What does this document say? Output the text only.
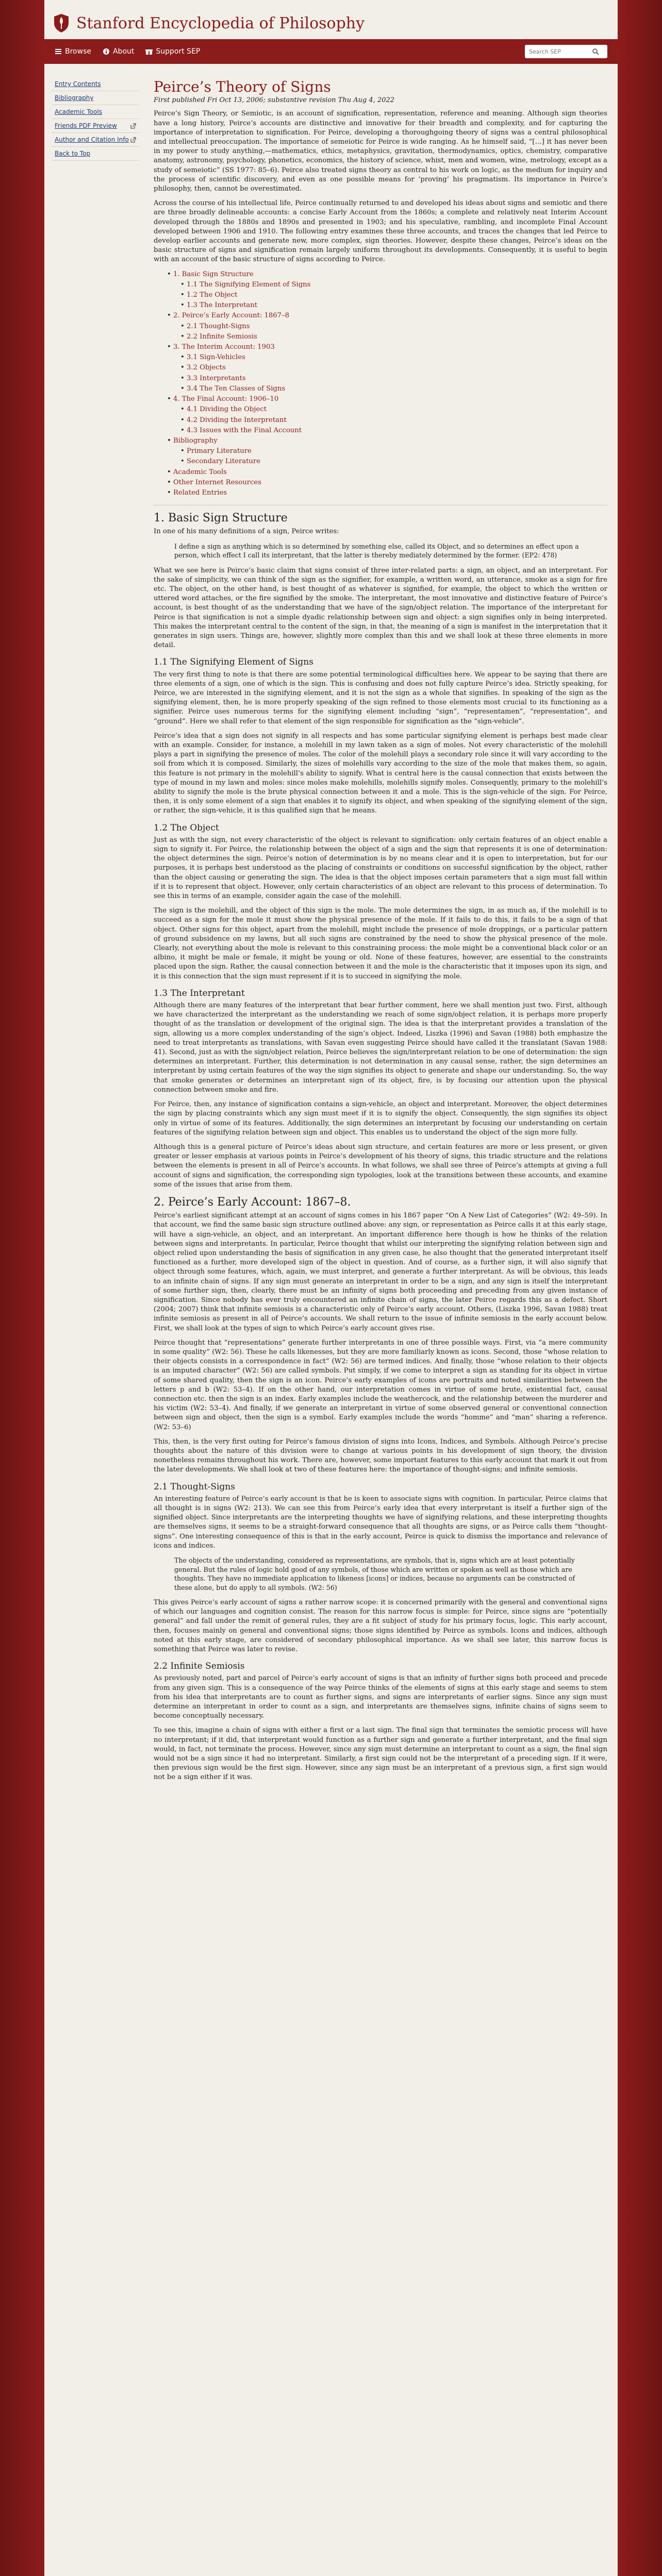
Stanford Encyclopedia of Philosophy
Browse	About	Support SEP
Search SEP
Entry Contents
Bibliography
Academic Tools
Friends PDF Preview
Author and Citation Info
Back to Top
Peirce’s Theory of Signs
First published Fri Oct 13, 2006; substantive revision Thu Aug 4, 2022

Peirce’s Sign Theory, or Semiotic, is an account of signification, representation, reference and meaning. Although sign theories have a long history, Peirce’s accounts are distinctive and innovative for their breadth and complexity, and for capturing the importance of interpretation to signification. For Peirce, developing a thoroughgoing theory of signs was a central philosophical and intellectual preoccupation. The importance of semeiotic for Peirce is wide ranging. As he himself said, “[…] it has never been in my power to study anything,—mathematics, ethics, metaphysics, gravitation, thermodynamics, optics, chemistry, comparative anatomy, astronomy, psychology, phonetics, economics, the history of science, whist, men and women, wine, metrology, except as a study of semeiotic” (SS 1977: 85–6). Peirce also treated signs theory as central to his work on logic, as the medium for inquiry and the process of scientific discovery, and even as one possible means for ‘proving’ his pragmatism. Its importance in Peirce’s philosophy, then, cannot be overestimated.

Across the course of his intellectual life, Peirce continually returned to and developed his ideas about signs and semiotic and there are three broadly delineable accounts: a concise Early Account from the 1860s; a complete and relatively neat Interim Account developed through the 1880s and 1890s and presented in 1903; and his speculative, rambling, and incomplete Final Account developed between 1906 and 1910. The following entry examines these three accounts, and traces the changes that led Peirce to develop earlier accounts and generate new, more complex, sign theories. However, despite these changes, Peirce’s ideas on the basic structure of signs and signification remain largely uniform throughout its developments. Consequently, it is useful to begin with an account of the basic structure of signs according to Peirce.

• 1. Basic Sign Structure
• 1.1 The Signifying Element of Signs
• 1.2 The Object
• 1.3 The Interpretant
• 2. Peirce’s Early Account: 1867–8
• 2.1 Thought-Signs
• 2.2 Infinite Semiosis
• 3. The Interim Account: 1903
• 3.1 Sign-Vehicles
• 3.2 Objects
• 3.3 Interpretants
• 3.4 The Ten Classes of Signs
• 4. The Final Account: 1906–10
• 4.1 Dividing the Object
• 4.2 Dividing the Interpretant
• 4.3 Issues with the Final Account
• Bibliography
• Primary Literature
• Secondary Literature
• Academic Tools
• Other Internet Resources
• Related Entries
1. Basic Sign Structure

In one of his many definitions of a sign, Peirce writes:

I define a sign as anything which is so determined by something else, called its Object, and so determines an effect upon a person, which effect I call its interpretant, that the latter is thereby mediately determined by the former. (EP2: 478)

What we see here is Peirce’s basic claim that signs consist of three inter-related parts: a sign, an object, and an interpretant. For the sake of simplicity, we can think of the sign as the signifier, for example, a written word, an utterance, smoke as a sign for fire etc. The object, on the other hand, is best thought of as whatever is signified, for example, the object to which the written or uttered word attaches, or the fire signified by the smoke. The interpretant, the most innovative and distinctive feature of Peirce’s account, is best thought of as the understanding that we have of the sign/object relation. The importance of the interpretant for Peirce is that signification is not a simple dyadic relationship between sign and object: a sign signifies only in being interpreted. This makes the interpretant central to the content of the sign, in that, the meaning of a sign is manifest in the interpretation that it generates in sign users. Things are, however, slightly more complex than this and we shall look at these three elements in more detail.

1.1 The Signifying Element of Signs

The very first thing to note is that there are some potential terminological difficulties here. We appear to be saying that there are three elements of a sign, one of which is the sign. This is confusing and does not fully capture Peirce’s idea. Strictly speaking, for Peirce, we are interested in the signifying element, and it is not the sign as a whole that signifies. In speaking of the sign as the signifying element, then, he is more properly speaking of the sign refined to those elements most crucial to its functioning as a signifier. Peirce uses numerous terms for the signifying element including “sign”, “representamen”, “representation”, and “ground”. Here we shall refer to that element of the sign responsible for signification as the “sign-vehicle”.

Peirce’s idea that a sign does not signify in all respects and has some particular signifying element is perhaps best made clear with an example. Consider, for instance, a molehill in my lawn taken as a sign of moles. Not every characteristic of the molehill plays a part in signifying the presence of moles. The color of the molehill plays a secondary role since it will vary according to the soil from which it is composed. Similarly, the sizes of molehills vary according to the size of the mole that makes them, so again, this feature is not primary in the molehill’s ability to signify. What is central here is the causal connection that exists between the type of mound in my lawn and moles: since moles make molehills, molehills signify moles. Consequently, primary to the molehill’s ability to signify the mole is the brute physical connection between it and a mole. This is the sign-vehicle of the sign. For Peirce, then, it is only some element of a sign that enables it to signify its object, and when speaking of the signifying element of the sign, or rather, the sign-vehicle, it is this qualified sign that he means.

1.2 The Object

Just as with the sign, not every characteristic of the object is relevant to signification: only certain features of an object enable a sign to signify it. For Peirce, the relationship between the object of a sign and the sign that represents it is one of determination: the object determines the sign. Peirce’s notion of determination is by no means clear and it is open to interpretation, but for our purposes, it is perhaps best understood as the placing of constraints or conditions on successful signification by the object, rather than the object causing or generating the sign. The idea is that the object imposes certain parameters that a sign must fall within if it is to represent that object. However, only certain characteristics of an object are relevant to this process of determination. To see this in terms of an example, consider again the case of the molehill.

The sign is the molehill, and the object of this sign is the mole. The mole determines the sign, in as much as, if the molehill is to succeed as a sign for the mole it must show the physical presence of the mole. If it fails to do this, it fails to be a sign of that object. Other signs for this object, apart from the molehill, might include the presence of mole droppings, or a particular pattern of ground subsidence on my lawns, but all such signs are constrained by the need to show the physical presence of the mole. Clearly, not everything about the mole is relevant to this constraining process: the mole might be a conventional black color or an albino, it might be male or female, it might be young or old. None of these features, however, are essential to the constraints placed upon the sign. Rather, the causal connection between it and the mole is the characteristic that it imposes upon its sign, and it is this connection that the sign must represent if it is to succeed in signifying the mole.

1.3 The Interpretant

Although there are many features of the interpretant that bear further comment, here we shall mention just two. First, although we have characterized the interpretant as the understanding we reach of some sign/object relation, it is perhaps more properly thought of as the translation or development of the original sign. The idea is that the interpretant provides a translation of the sign, allowing us a more complex understanding of the sign’s object. Indeed, Liszka (1996) and Savan (1988) both emphasize the need to treat interpretants as translations, with Savan even suggesting Peirce should have called it the translatant (Savan 1988: 41). Second, just as with the sign/object relation, Peirce believes the sign/interpretant relation to be one of determination: the sign determines an interpretant. Further, this determination is not determination in any causal sense, rather, the sign determines an interpretant by using certain features of the way the sign signifies its object to generate and shape our understanding. So, the way that smoke generates or determines an interpretant sign of its object, fire, is by focusing our attention upon the physical connection between smoke and fire.

For Peirce, then, any instance of signification contains a sign-vehicle, an object and interpretant. Moreover, the object determines the sign by placing constraints which any sign must meet if it is to signify the object. Consequently, the sign signifies its object only in virtue of some of its features. Additionally, the sign determines an interpretant by focusing our understanding on certain features of the signifying relation between sign and object. This enables us to understand the object of the sign more fully.

Although this is a general picture of Peirce’s ideas about sign structure, and certain features are more or less present, or given greater or lesser emphasis at various points in Peirce’s development of his theory of signs, this triadic structure and the relations between the elements is present in all of Peirce’s accounts. In what follows, we shall see three of Peirce’s attempts at giving a full account of signs and signification, the corresponding sign typologies, look at the transitions between these accounts, and examine some of the issues that arise from them.

2. Peirce’s Early Account: 1867–8.

Peirce’s earliest significant attempt at an account of signs comes in his 1867 paper “On A New List of Categories” (W2: 49–59). In that account, we find the same basic sign structure outlined above: any sign, or representation as Peirce calls it at this early stage, will have a sign-vehicle, an object, and an interpretant. An important difference here though is how he thinks of the relation between signs and interpretants. In particular, Peirce thought that whilst our interpreting the signifying relation between sign and object relied upon understanding the basis of signification in any given case, he also thought that the generated interpretant itself functioned as a further, more developed sign of the object in question. And of course, as a further sign, it will also signify that object through some features, which, again, we must interpret, and generate a further interpretant. As will be obvious, this leads to an infinite chain of signs. If any sign must generate an interpretant in order to be a sign, and any sign is itself the interpretant of some further sign, then, clearly, there must be an infinity of signs both proceeding and preceding from any given instance of signification. Since nobody has ever truly encountered an infinite chain of signs, the later Peirce regards this as a defect. Short (2004; 2007) think that infinite semiosis is a characteristic only of Peirce’s early account. Others, (Liszka 1996, Savan 1988) treat infinite semiosis as present in all of Peirce’s accounts. We shall return to the issue of infinite semiosis in the early account below. First, we shall look at the types of sign to which Peirce’s early account gives rise.

Peirce thought that “representations” generate further interpretants in one of three possible ways. First, via “a mere community in some quality” (W2: 56). These he calls likenesses, but they are more familiarly known as icons. Second, those “whose relation to their objects consists in a correspondence in fact” (W2: 56) are termed indices. And finally, those “whose relation to their objects is an imputed character” (W2: 56) are called symbols. Put simply, if we come to interpret a sign as standing for its object in virtue of some shared quality, then the sign is an icon. Peirce’s early examples of icons are portraits and noted similarities between the letters p and b (W2: 53–4). If on the other hand, our interpretation comes in virtue of some brute, existential fact, causal connection etc. then the sign is an index. Early examples include the weathercock, and the relationship between the murderer and his victim (W2: 53–4). And finally, if we generate an interpretant in virtue of some observed general or conventional connection between sign and object, then the sign is a symbol. Early examples include the words “homme” and “man” sharing a reference. (W2: 53–6)

This, then, is the very first outing for Peirce’s famous division of signs into Icons, Indices, and Symbols. Although Peirce’s precise thoughts about the nature of this division were to change at various points in his development of sign theory, the division nonetheless remains throughout his work. There are, however, some important features to this early account that mark it out from the later developments. We shall look at two of these features here: the importance of thought-signs; and infinite semiosis.

2.1 Thought-Signs

An interesting feature of Peirce’s early account is that he is keen to associate signs with cognition. In particular, Peirce claims that all thought is in signs (W2: 213). We can see this from Peirce’s early idea that every interpretant is itself a further sign of the signified object. Since interpretants are the interpreting thoughts we have of signifying relations, and these interpreting thoughts are themselves signs, it seems to be a straight-forward consequence that all thoughts are signs, or as Peirce calls them “thought-signs”. One interesting consequence of this is that in the early account, Peirce is quick to dismiss the importance and relevance of icons and indices.

The objects of the understanding, considered as representations, are symbols, that is, signs which are at least potentially general. But the rules of logic hold good of any symbols, of those which are written or spoken as well as those which are thoughts. They have no immediate application to likeness [icons] or indices, because no arguments can be constructed of these alone, but do apply to all symbols. (W2: 56)

This gives Peirce’s early account of signs a rather narrow scope: it is concerned primarily with the general and conventional signs of which our languages and cognition consist. The reason for this narrow focus is simple: for Peirce, since signs are “potentially general” and fall under the remit of general rules, they are a fit subject of study for his primary focus, logic. This early account, then, focuses mainly on general and conventional signs; those signs identified by Peirce as symbols. Icons and indices, although noted at this early stage, are considered of secondary philosophical importance. As we shall see later, this narrow focus is something that Peirce was later to revise.

2.2 Infinite Semiosis

As previously noted, part and parcel of Peirce’s early account of signs is that an infinity of further signs both proceed and precede from any given sign. This is a consequence of the way Peirce thinks of the elements of signs at this early stage and seems to stem from his idea that interpretants are to count as further signs, and signs are interpretants of earlier signs. Since any sign must determine an interpretant in order to count as a sign, and interpretants are themselves signs, infinite chains of signs seem to become conceptually necessary.

To see this, imagine a chain of signs with either a first or a last sign. The final sign that terminates the semiotic process will have no interpretant; if it did, that interpretant would function as a further sign and generate a further interpretant, and the final sign would, in fact, not terminate the process. However, since any sign must determine an interpretant to count as a sign, the final sign would not be a sign since it had no interpretant. Similarly, a first sign could not be the interpretant of a preceding sign. If it were, then previous sign would be the first sign. However, since any sign must be an interpretant of a previous sign, a first sign would not be a sign either if it was.
